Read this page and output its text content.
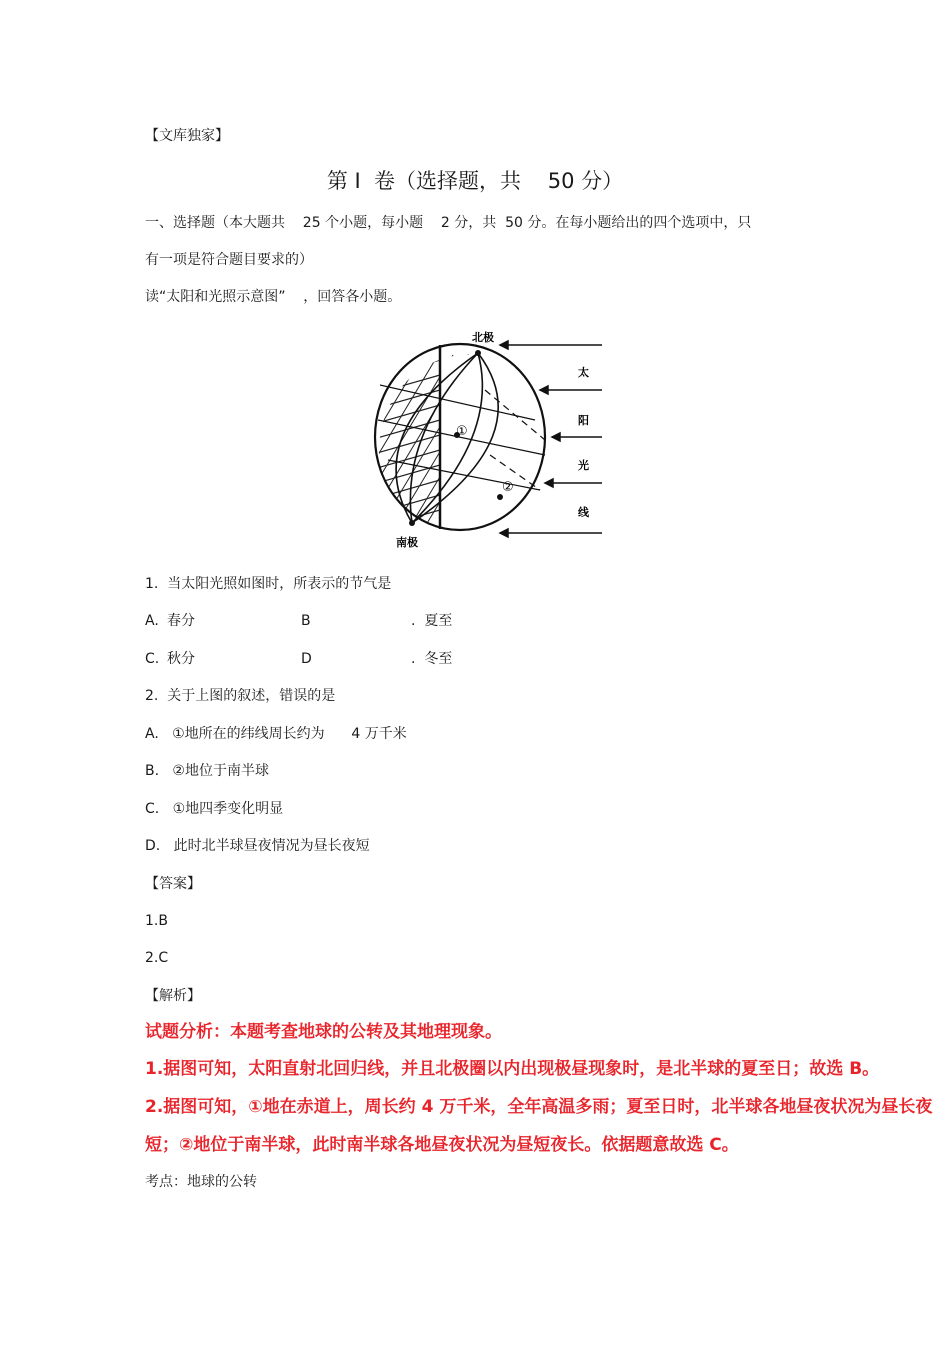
【文库独家】
第 I  卷（选择题，共    50 分）
一、选择题（本大题共    25 个小题，每小题    2 分，共  50 分。在每小题给出的四个选项中，只
有一项是符合题目要求的）
读“太阳和光照示意图”    ，回答各小题。
①
②
北极
南极
太
阳
光
线
1.  当太阳光照如图时，所表示的节气是
A. 春分	B	.  夏至
C. 秋分	D	.  冬至
2.  关于上图的叙述，错误的是
A.   ①地所在的纬线周长约为      4 万千米
B.   ②地位于南半球
C.   ①地四季变化明显
D.   此时北半球昼夜情况为昼长夜短
【答案】
1.B
2.C
【解析】
试题分析：本题考查地球的公转及其地理现象。
1.据图可知，太阳直射北回归线，并且北极圈以内出现极昼现象时，是北半球的夏至日；故选 B。
2.据图可知，①地在赤道上，周长约 4 万千米，全年高温多雨；夏至日时，北半球各地昼夜状况为昼长夜
短；②地位于南半球，此时南半球各地昼夜状况为昼短夜长。依据题意故选 C。
考点：地球的公转
